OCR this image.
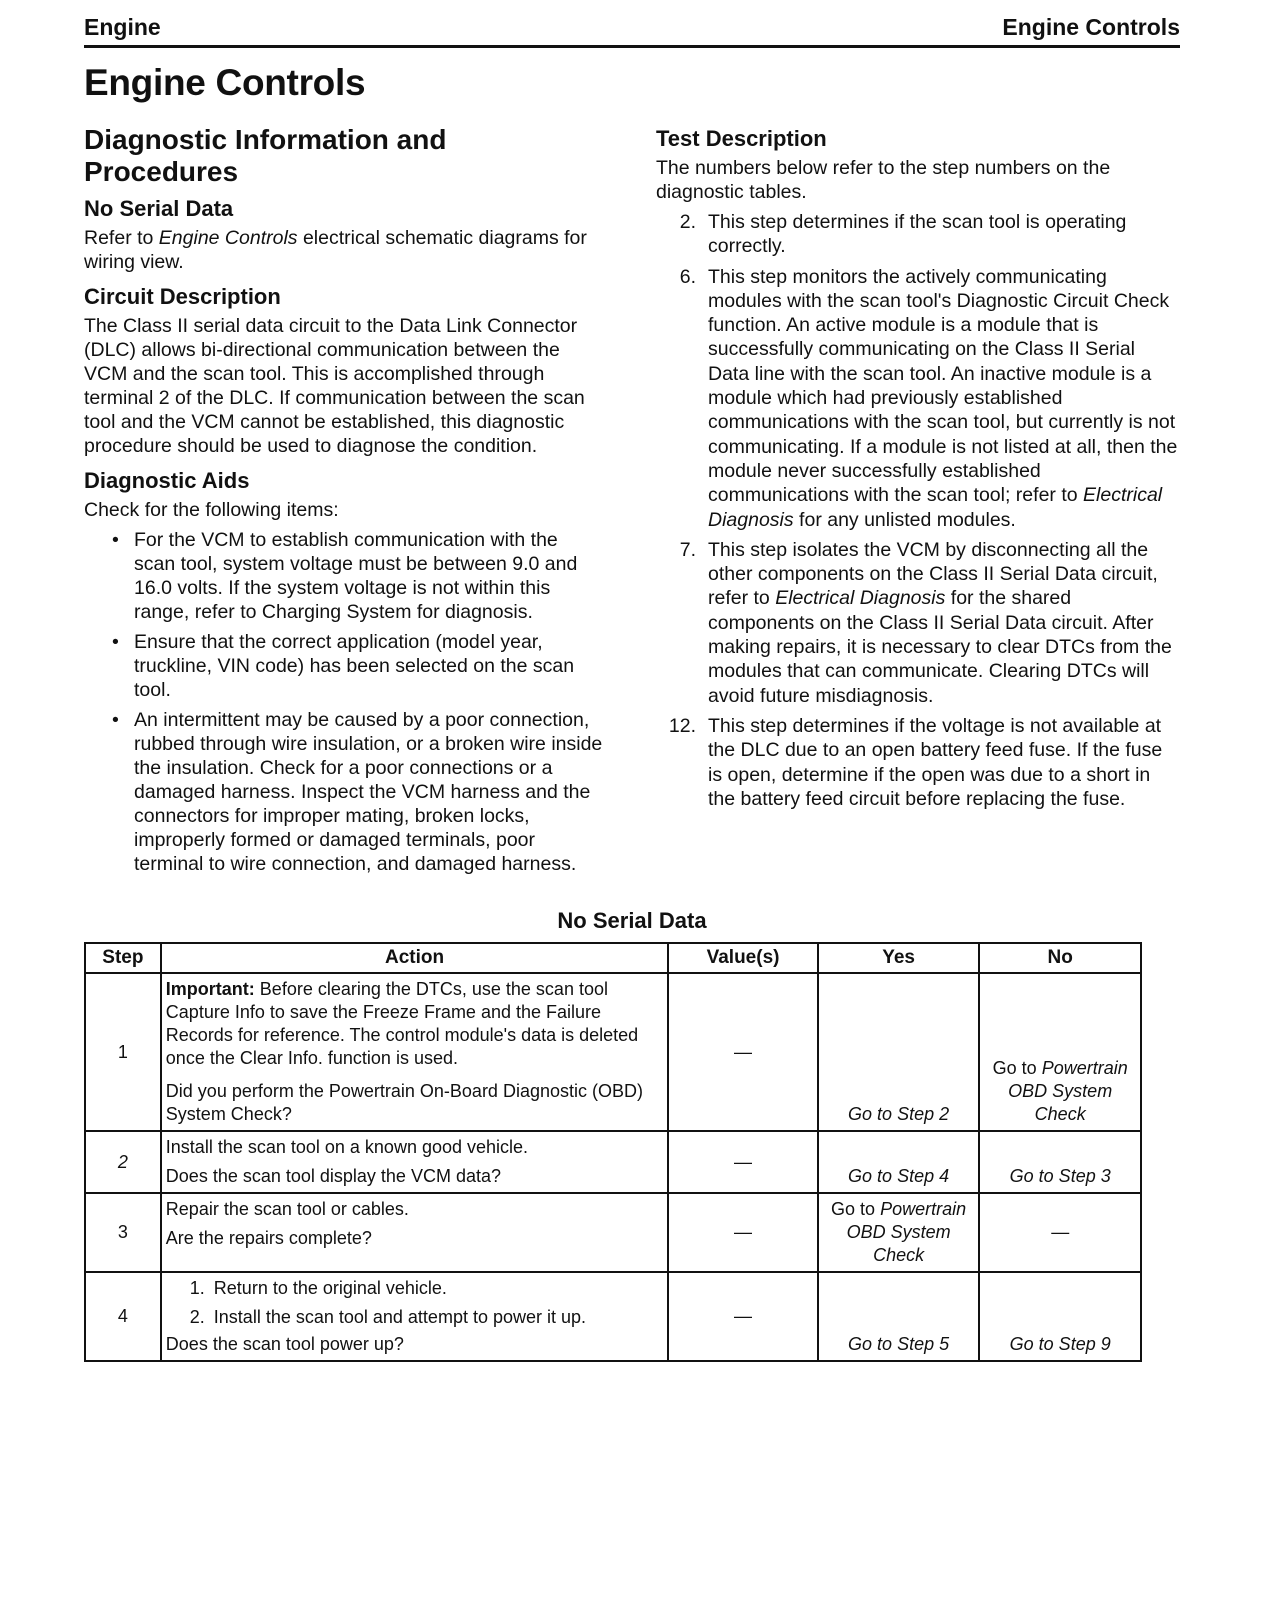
Engine	Engine Controls
Engine Controls
Diagnostic Information and Procedures
No Serial Data

Refer to Engine Controls electrical schematic diagrams for wiring view.

Circuit Description

The Class II serial data circuit to the Data Link Connector (DLC) allows bi-directional communication between the VCM and the scan tool. This is accomplished through terminal 2 of the DLC. If communication between the scan tool and the VCM cannot be established, this diagnostic procedure should be used to diagnose the condition.

Diagnostic Aids

Check for the following items:

• For the VCM to establish communication with the scan tool, system voltage must be between 9.0 and 16.0 volts. If the system voltage is not within this range, refer to Charging System for diagnosis.
• Ensure that the correct application (model year, truckline, VIN code) has been selected on the scan tool.
• An intermittent may be caused by a poor connection, rubbed through wire insulation, or a broken wire inside the insulation. Check for a poor connections or a damaged harness. Inspect the VCM harness and the connectors for improper mating, broken locks, improperly formed or damaged terminals, poor terminal to wire connection, and damaged harness.
Test Description

The numbers below refer to the step numbers on the diagnostic tables.

2. This step determines if the scan tool is operating correctly.
6. This step monitors the actively communicating modules with the scan tool's Diagnostic Circuit Check function. An active module is a module that is successfully communicating on the Class II Serial Data line with the scan tool. An inactive module is a module which had previously established communications with the scan tool, but currently is not communicating. If a module is not listed at all, then the module never successfully established communications with the scan tool; refer to Electrical Diagnosis for any unlisted modules.
7. This step isolates the VCM by disconnecting all the other components on the Class II Serial Data circuit, refer to Electrical Diagnosis for the shared components on the Class II Serial Data circuit. After making repairs, it is necessary to clear DTCs from the modules that can communicate. Clearing DTCs will avoid future misdiagnosis.
12. This step determines if the voltage is not available at the DLC due to an open battery feed fuse. If the fuse is open, determine if the open was due to a short in the battery feed circuit before replacing the fuse.
No Serial Data
Step	Action	Value(s)	Yes	No
1	Important: Before clearing the DTCs, use the scan tool Capture Info to save the Freeze Frame and the Failure Records for reference. The control module's data is deleted once the Clear Info. function is used.
Did you perform the Powertrain On-Board Diagnostic (OBD) System Check?	—	Go to Step 2	Go to Powertrain OBD System Check
2	Install the scan tool on a known good vehicle.
Does the scan tool display the VCM data?	—	Go to Step 4	Go to Step 3
3	Repair the scan tool or cables.
Are the repairs complete?	—	Go to Powertrain OBD System Check	—
4	1. Return to the original vehicle.
2. Install the scan tool and attempt to power it up.
Does the scan tool power up?	—	Go to Step 5	Go to Step 9
